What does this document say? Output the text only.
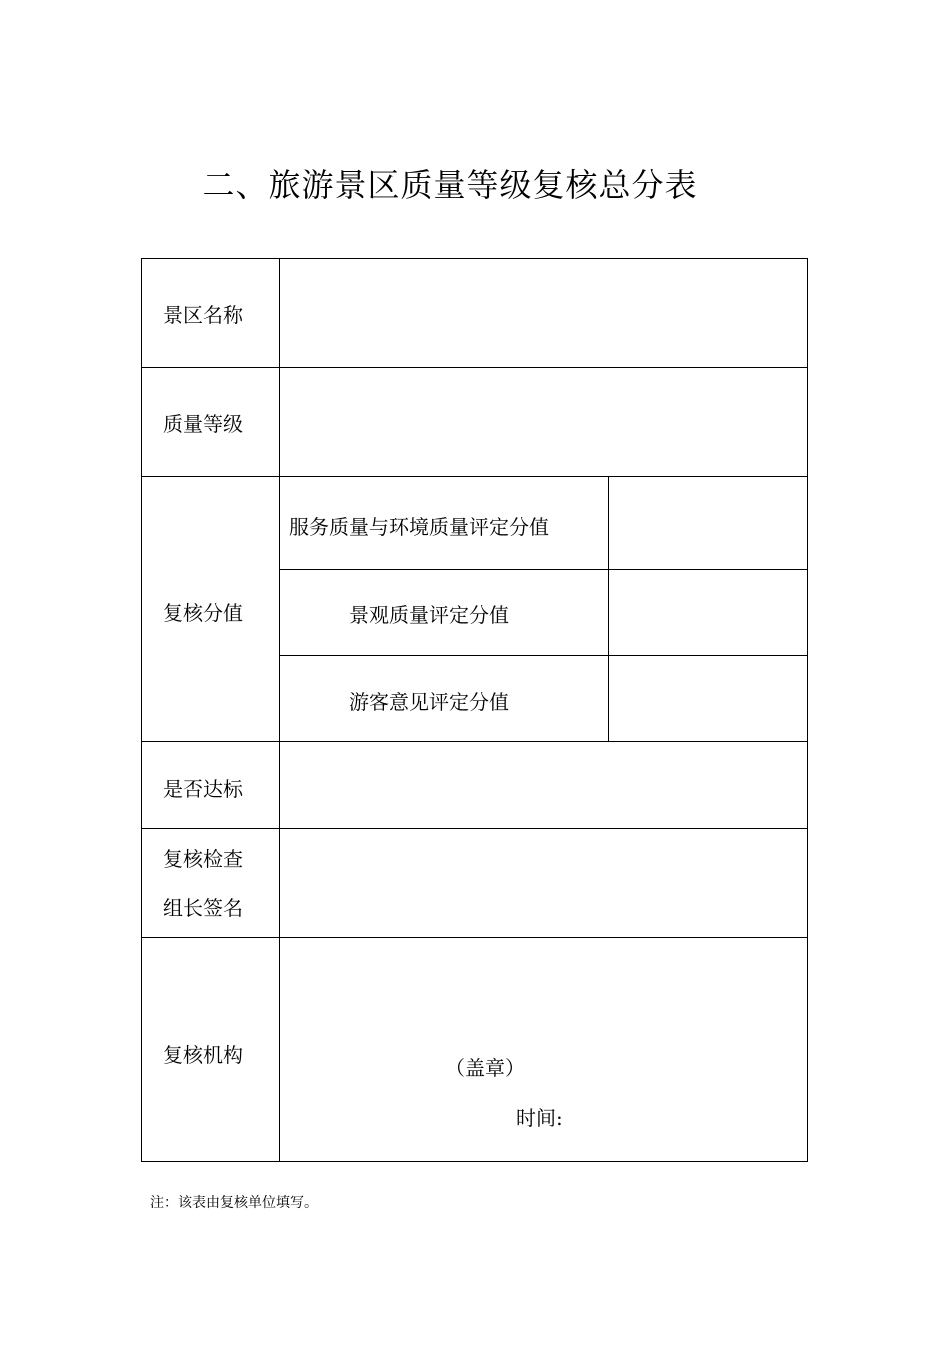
二、旅游景区质量等级复核总分表
景区名称
质量等级
复核分值
服务质量与环境质量评定分值
景观质量评定分值
游客意见评定分值
是否达标
复核检查
组长签名
复核机构
（盖章）
时间:
注：该表由复核单位填写。
